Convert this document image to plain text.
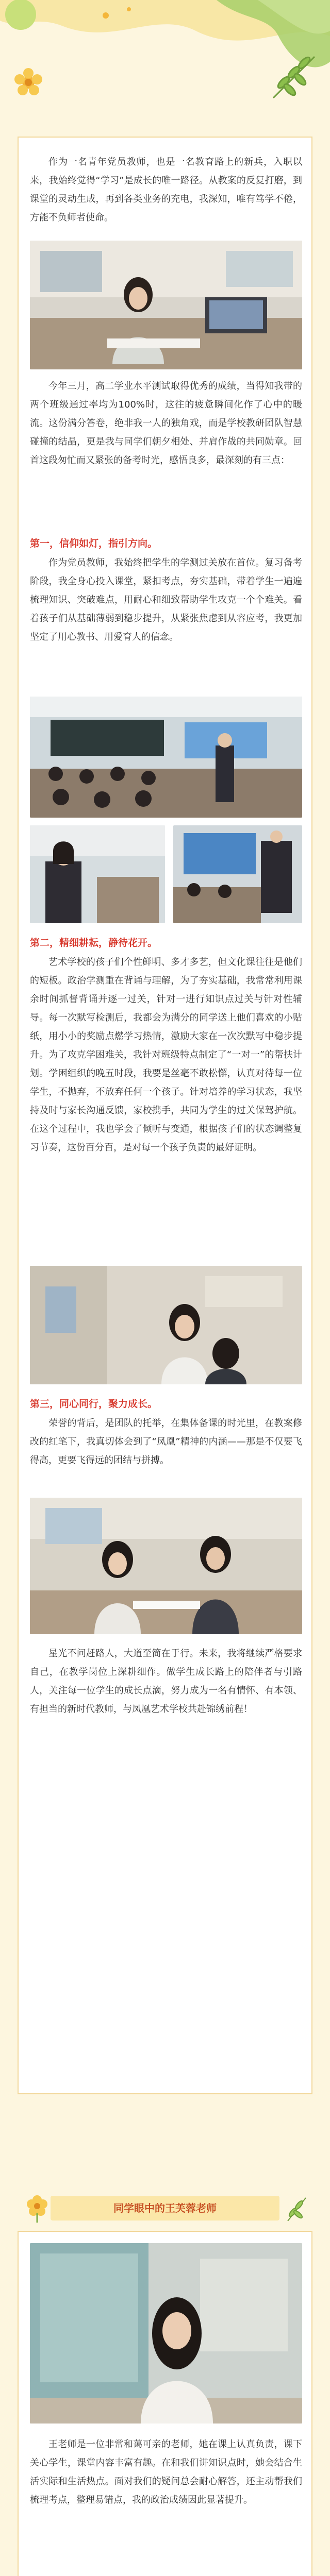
作为一名青年党员教师，也是一名教育路上的新兵，入职以来，我始终觉得“学习”是成长的唯一路径。从教案的反复打磨，到课堂的灵动生成，再到各类业务的充电，我深知，唯有笃学不倦，方能不负师者使命。

今年三月，高二学业水平测试取得优秀的成绩，当得知我带的两个班级通过率均为100%时，这往的疲惫瞬间化作了心中的暖流。这份满分答卷，绝非我一人的独角戏，而是学校教研团队智慧碰撞的结晶，更是我与同学们朝夕相处、并肩作战的共同勋章。回首这段匆忙而又紧张的备考时光，感悟良多，最深刻的有三点：

第一，信仰如灯，指引方向。

作为党员教师，我始终把学生的学测过关放在首位。复习备考阶段，我全身心投入课堂，紧扣考点，夯实基础，带着学生一遍遍梳理知识、突破难点，用耐心和细致帮助学生攻克一个个难关。看着孩子们从基础薄弱到稳步提升，从紧张焦虑到从容应考，我更加坚定了用心教书、用爱育人的信念。

第二，精细耕耘，静待花开。

艺术学校的孩子们个性鲜明、多才多艺，但文化课往往是他们的短板。政治学测重在背诵与理解，为了夯实基础，我常常利用课余时间抓督背诵并逐一过关，针对一进行知识点过关与针对性辅导。每一次默写检测后，我都会为满分的同学送上他们喜欢的小贴纸，用小小的奖励点燃学习热情，激励大家在一次次默写中稳步提升。为了攻克学困难关，我针对班级特点制定了“一对一”的帮扶计划。学困组织的晚五时段，我要是丝毫不敢松懈，认真对待每一位学生，不抛弃，不放弃任何一个孩子。针对培养的学习状态，我坚持及时与家长沟通反馈，家校携手，共同为学生的过关保驾护航。在这个过程中，我也学会了倾听与变通，根据孩子们的状态调整复习节奏，这份百分百，是对每一个孩子负责的最好证明。

第三，同心同行，聚力成长。

荣誉的背后，是团队的托举，在集体备课的时光里，在教案修改的红笔下，我真切体会到了“凤凰”精神的内涵——那是不仅要飞得高，更要飞得远的团结与拼搏。

星光不问赶路人，大道至简在于行。未来，我将继续严格要求自己，在教学岗位上深耕细作。做学生成长路上的陪伴者与引路人，关注每一位学生的成长点滴，努力成为一名有情怀、有本领、有担当的新时代教师，与凤凰艺术学校共赴锦绣前程！

同学眼中的王芙蓉老师

王老师是一位非常和蔼可亲的老师，她在课上认真负责，课下关心学生，课堂内容丰富有趣。在和我们讲知识点时，她会结合生活实际和生活热点。面对我们的疑问总会耐心解答，还主动帮我们梳理考点，整理易错点，我的政治成绩因此显著提升。
